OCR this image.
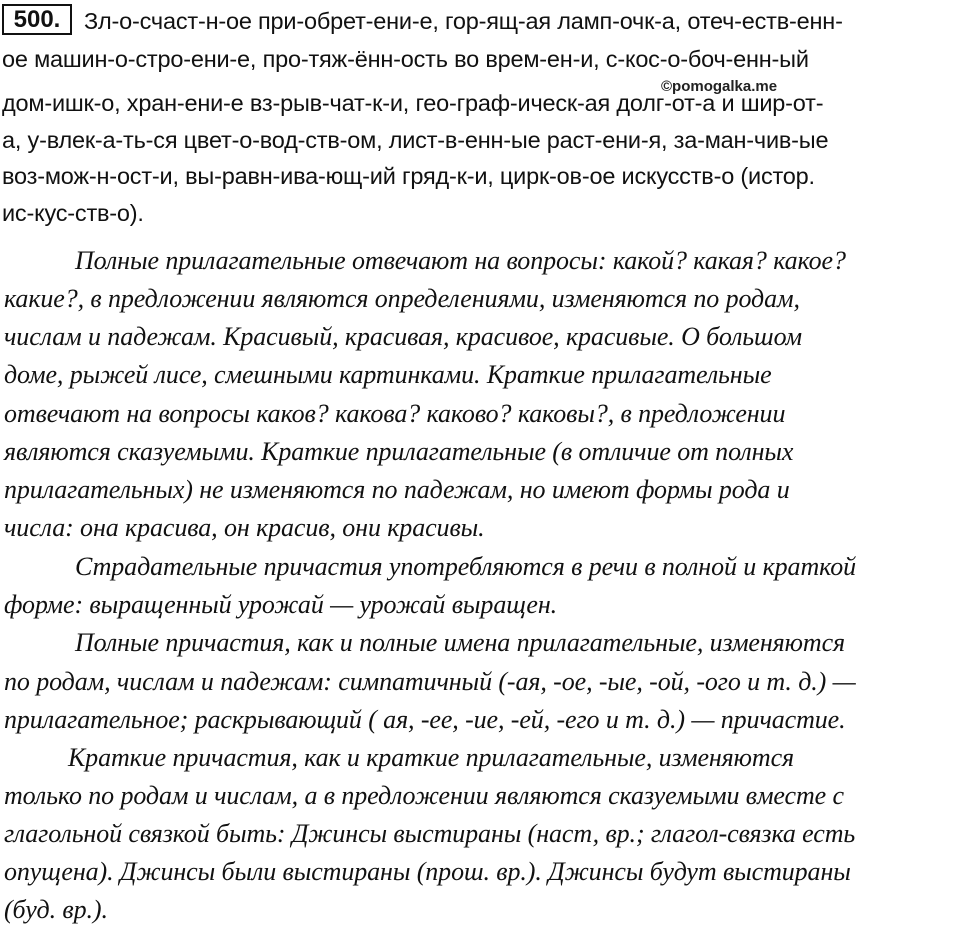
500.
©pomogalka.me
Зл-о-счаст-н-ое при-обрет-ени-е, гор-ящ-ая ламп-очк-а, отеч-еств-енн-
ое машин-о-стро-ени-е, про-тяж-ённ-ость во врем-ен-и, с-кос-о-боч-енн-ый
дом-ишк-о, хран-ени-е вз-рыв-чат-к-и, гео-граф-ическ-ая долг-от-а и шир-от-
а, у-влек-а-ть-ся цвет-о-вод-ств-ом, лист-в-енн-ые раст-ени-я, за-ман-чив-ые
воз-мож-н-ост-и, вы-равн-ива-ющ-ий гряд-к-и, цирк-ов-ое искусств-о (истор.
ис-кус-ств-о).
Полные прилагательные отвечают на вопросы: какой? какая? какое?
какие?, в предложении являются определениями, изменяются по родам,
числам и падежам. Красивый, красивая, красивое, красивые. О большом
доме, рыжей лисе, смешными картинками. Краткие прилагательные
отвечают на вопросы каков? какова? каково? каковы?, в предложении
являются сказуемыми. Краткие прилагательные (в отличие от полных
прилагательных) не изменяются по падежам, но имеют формы рода и
числа: она красива, он красив, они красивы.
Страдательные причастия употребляются в речи в полной и краткой
форме: выращенный урожай — урожай выращен.
Полные причастия, как и полные имена прилагательные, изменяются
по родам, числам и падежам: симпатичный (-ая, -ое, -ые, -ой, -ого и т. д.) —
прилагательное; раскрывающий ( ая, -ее, -ие, -ей, -его и т. д.) — причастие.
Краткие причастия, как и краткие прилагательные, изменяются
только по родам и числам, а в предложении являются сказуемыми вместе с
глагольной связкой быть: Джинсы выстираны (наст, вр.; глагол-связка есть
опущена). Джинсы были выстираны (прош. вр.). Джинсы будут выстираны
(буд. вр.).
